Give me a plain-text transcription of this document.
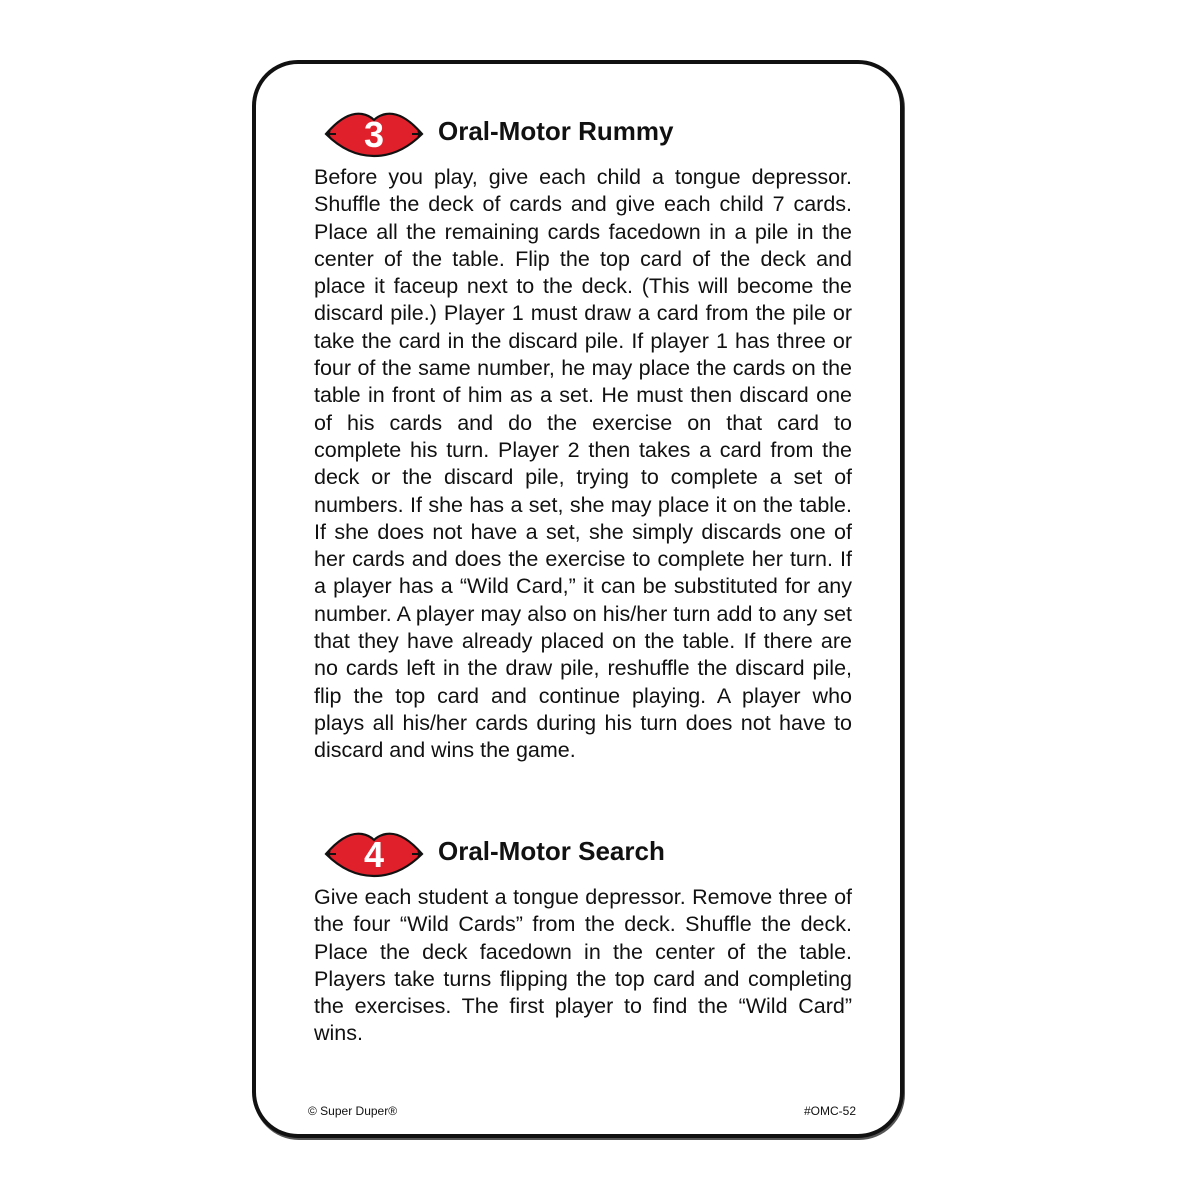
3	Oral-Motor Rummy

Before you play, give each child a tongue depressor. Shuffle the deck of cards and give each child 7 cards. Place all the remaining cards facedown in a pile in the center of the table. Flip the top card of the deck and place it faceup next to the deck. (This will become the discard pile.) Player 1 must draw a card from the pile or take the card in the discard pile. If player 1 has three or four of the same number, he may place the cards on the table in front of him as a set. He must then discard one of his cards and do the exercise on that card to complete his turn. Player 2 then takes a card from the deck or the discard pile, trying to complete a set of numbers. If she has a set, she may place it on the table. If she does not have a set, she simply discards one of her cards and does the exercise to complete her turn. If a player has a “Wild Card,” it can be substituted for any number. A player may also on his/her turn add to any set that they have already placed on the table. If there are no cards left in the draw pile, reshuffle the discard pile, flip the top card and continue playing. A player who plays all his/her cards during his turn does not have to discard and wins the game.

4	Oral-Motor Search

Give each student a tongue depressor. Remove three of the four “Wild Cards” from the deck. Shuffle the deck. Place the deck facedown in the center of the table. Players take turns flipping the top card and completing the exercises. The first player to find the “Wild Card” wins.

© Super Duper®	#OMC-52
